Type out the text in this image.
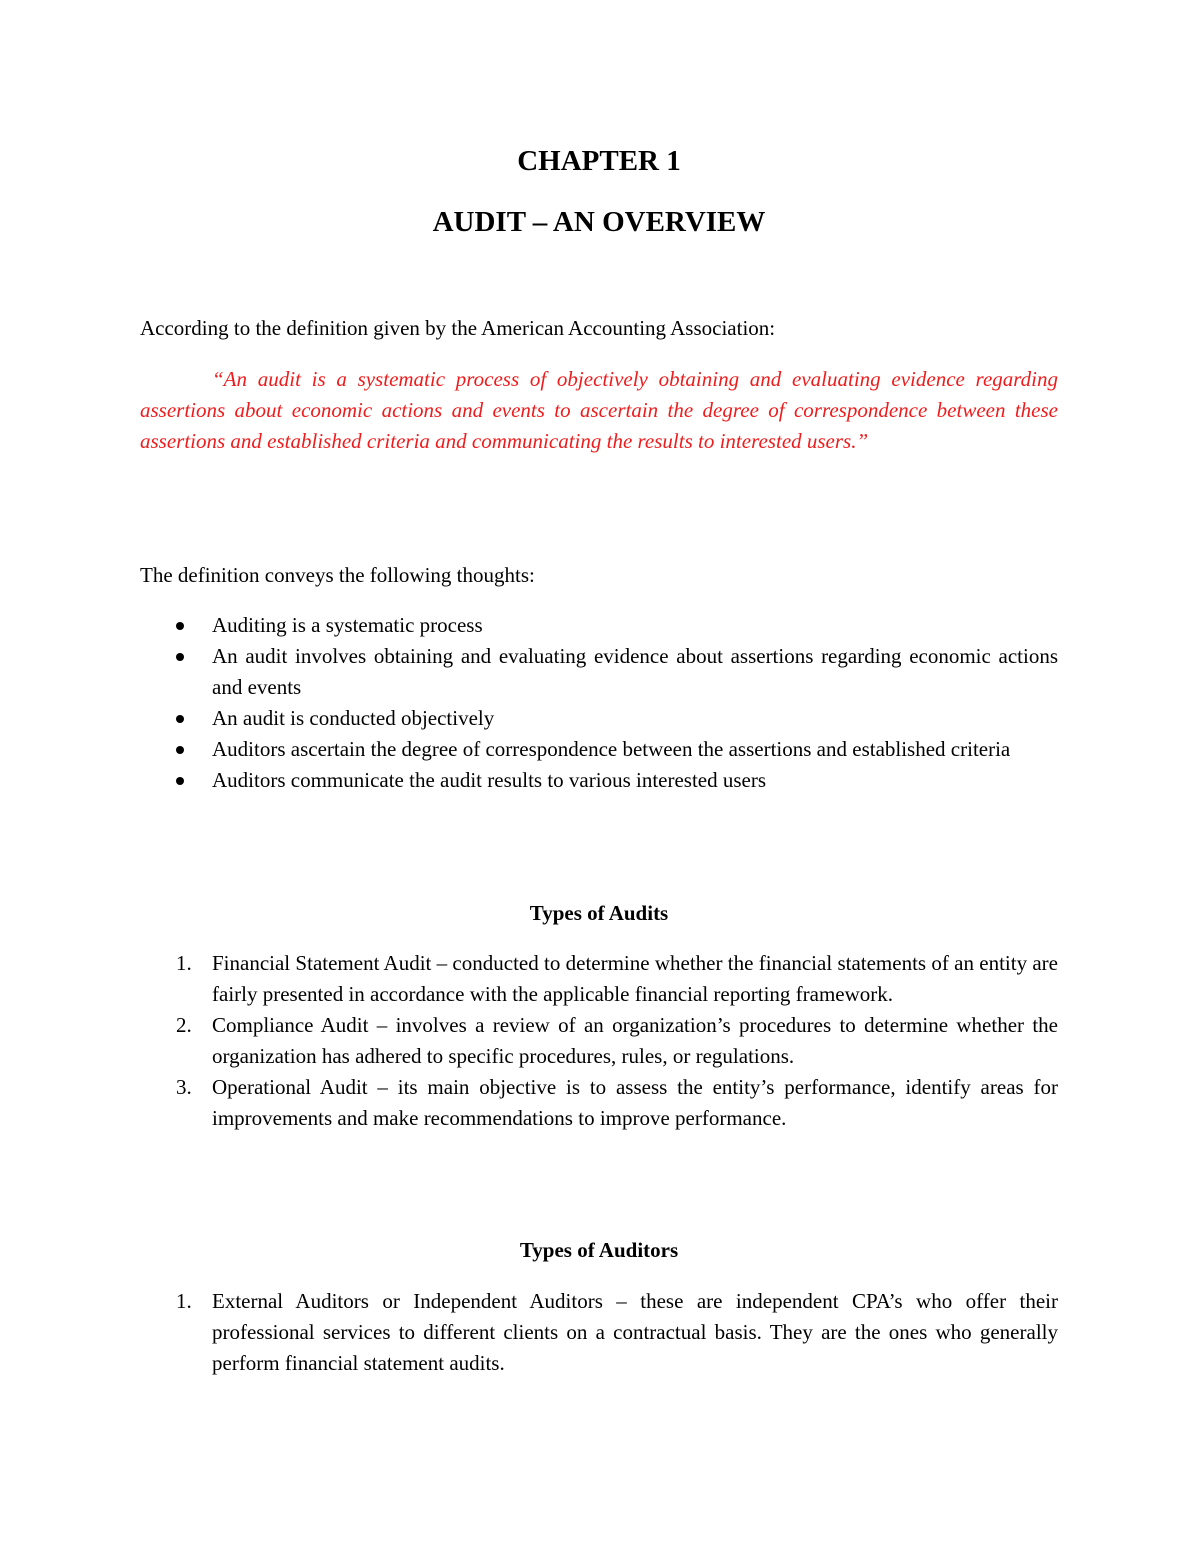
CHAPTER 1
AUDIT – AN OVERVIEW
According to the definition given by the American Accounting Association:
“An audit is a systematic process of objectively obtaining and evaluating evidence regarding assertions about economic actions and events to ascertain the degree of correspondence between these assertions and established criteria and communicating the results to interested users.”
The definition conveys the following thoughts:
Auditing is a systematic process
An audit involves obtaining and evaluating evidence about assertions regarding economic actions and events
An audit is conducted objectively
Auditors ascertain the degree of correspondence between the assertions and established criteria
Auditors communicate the audit results to various interested users
Types of Audits
1. Financial Statement Audit – conducted to determine whether the financial statements of an entity are fairly presented in accordance with the applicable financial reporting framework.
2. Compliance Audit – involves a review of an organization’s procedures to determine whether the organization has adhered to specific procedures, rules, or regulations.
3. Operational Audit – its main objective is to assess the entity’s performance, identify areas for improvements and make recommendations to improve performance.
Types of Auditors
1. External Auditors or Independent Auditors – these are independent CPA’s who offer their professional services to different clients on a contractual basis. They are the ones who generally perform financial statement audits.
